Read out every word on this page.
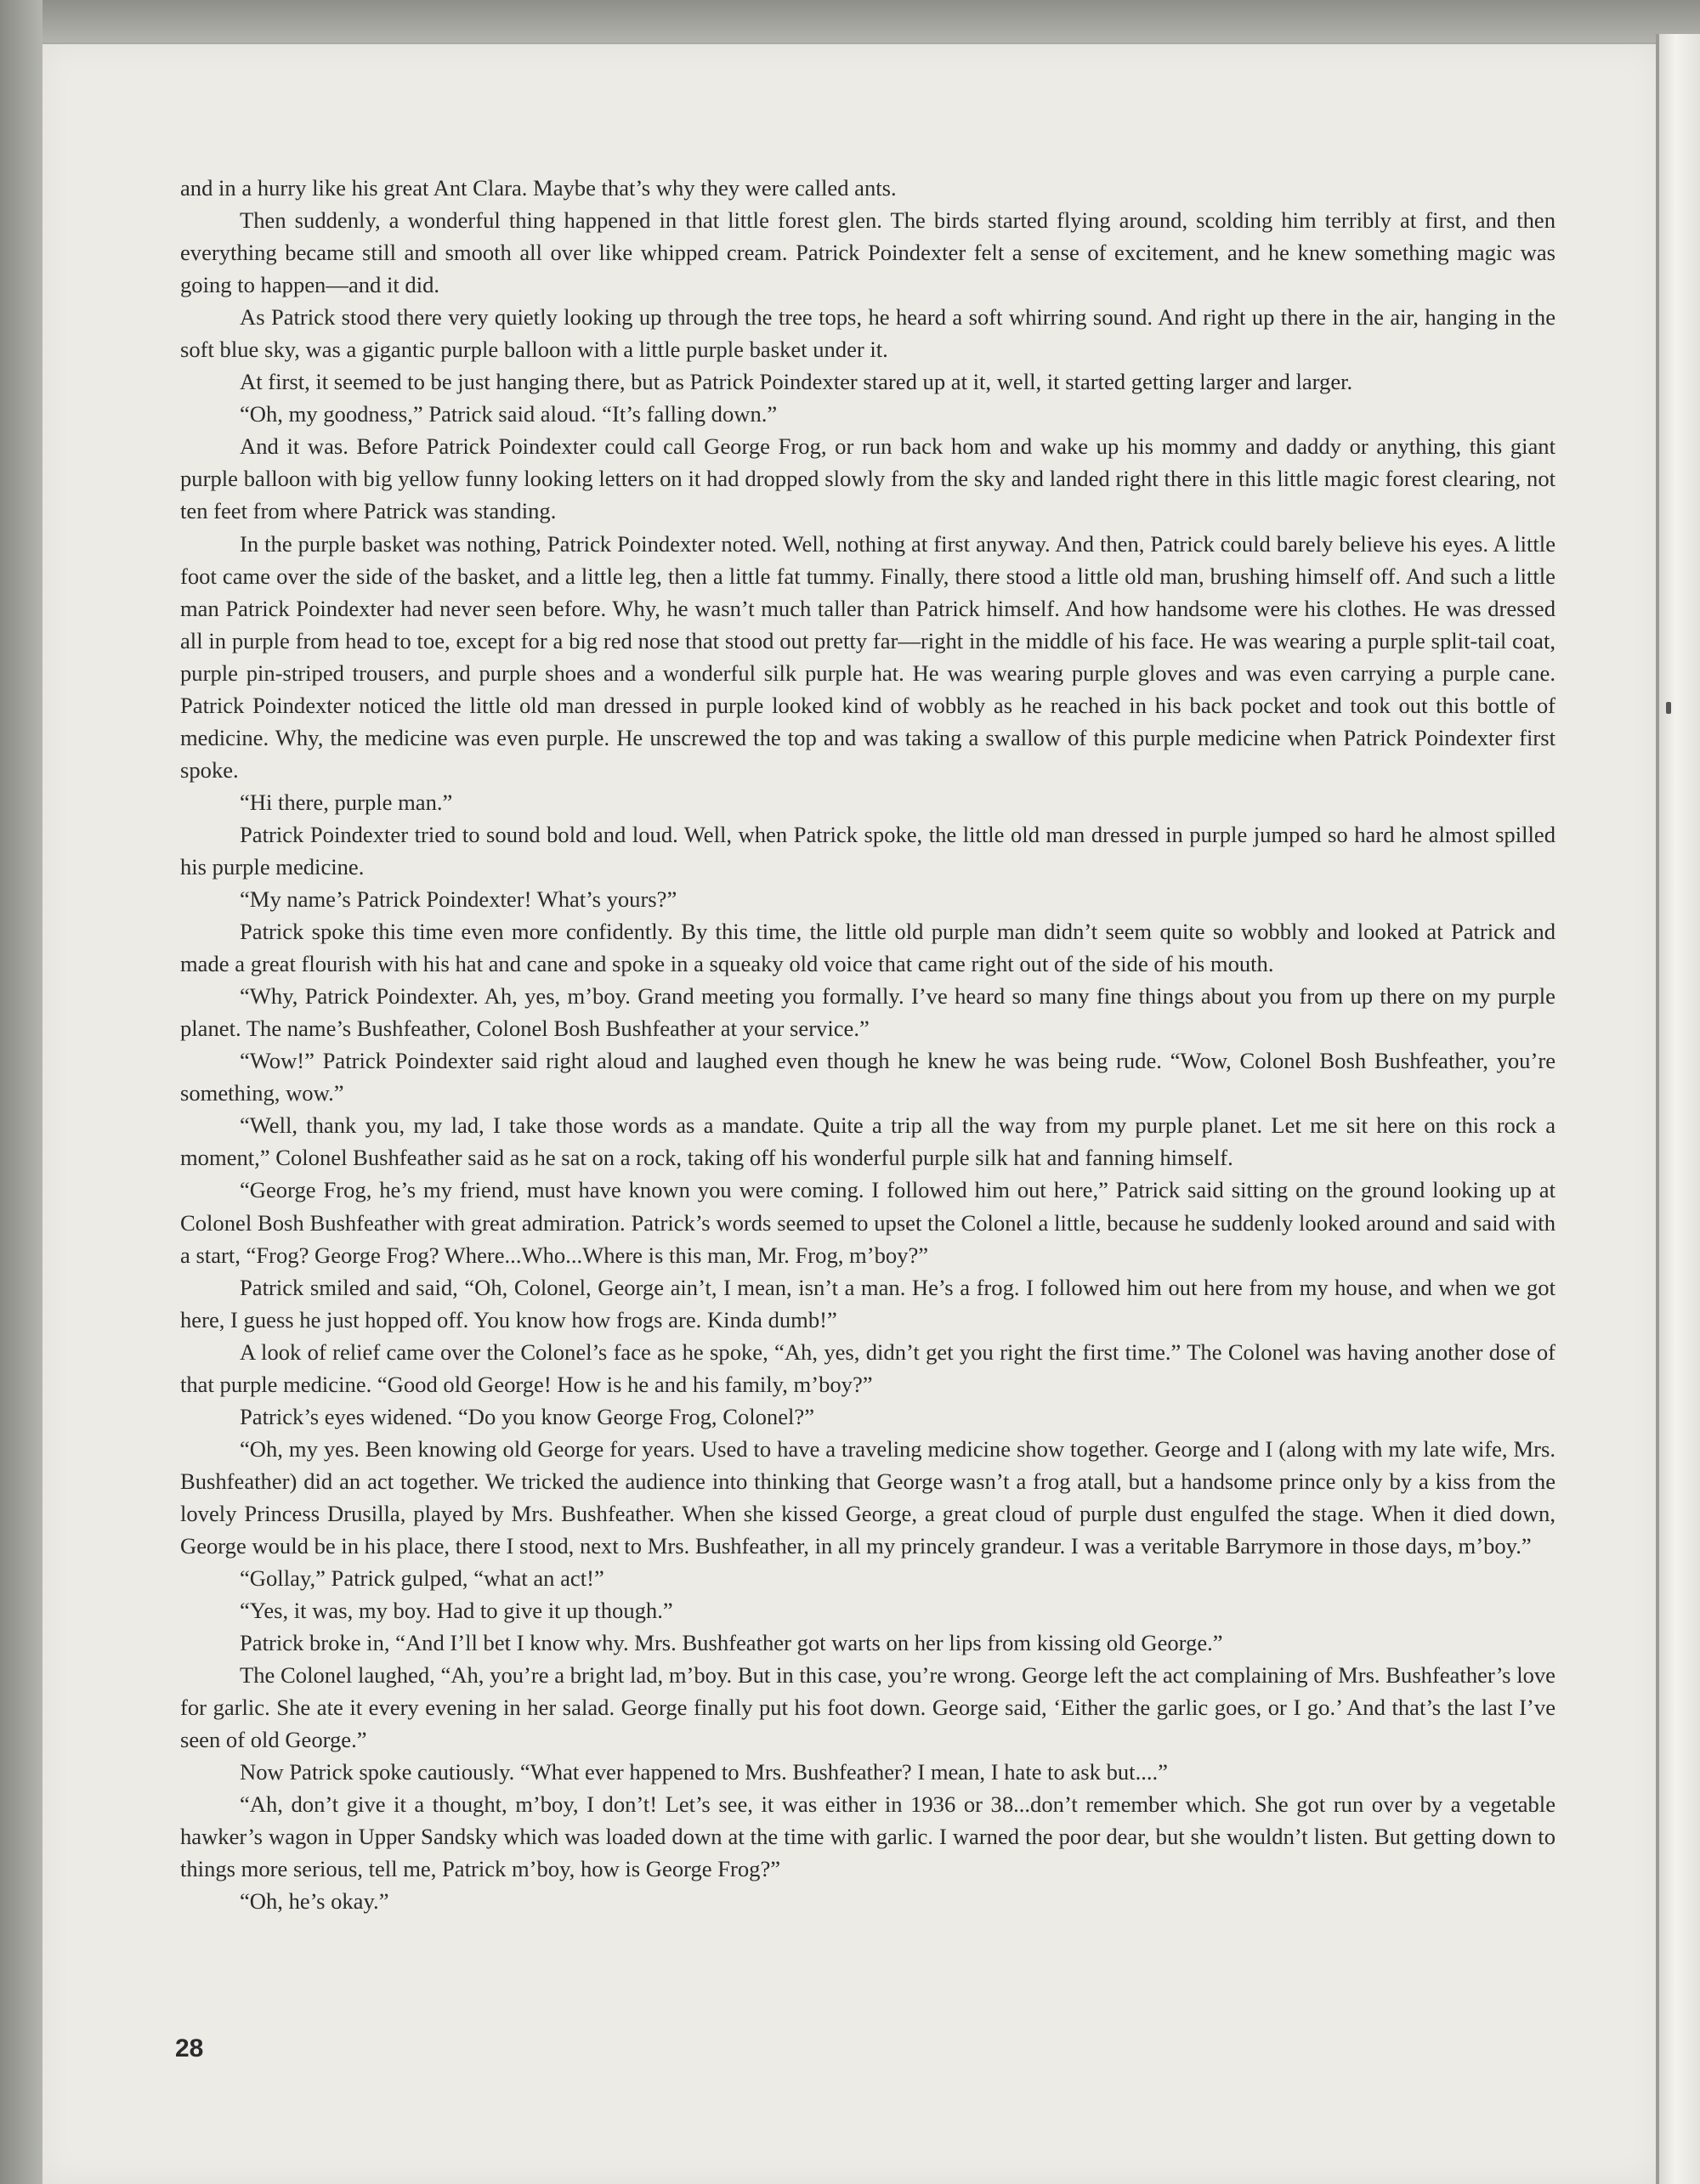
and in a hurry like his great Ant Clara. Maybe that’s why they were called ants.

Then suddenly, a wonderful thing happened in that little forest glen. The birds started flying around, scolding him terribly at first, and then everything became still and smooth all over like whipped cream. Patrick Poindexter felt a sense of excitement, and he knew something magic was going to happen—and it did.

As Patrick stood there very quietly looking up through the tree tops, he heard a soft whirring sound. And right up there in the air, hanging in the soft blue sky, was a gigantic purple balloon with a little purple basket under it.

At first, it seemed to be just hanging there, but as Patrick Poindexter stared up at it, well, it started getting larger and larger.

“Oh, my goodness,” Patrick said aloud. “It’s falling down.”

And it was. Before Patrick Poindexter could call George Frog, or run back hom and wake up his mommy and daddy or anything, this giant purple balloon with big yellow funny looking letters on it had dropped slowly from the sky and landed right there in this little magic forest clearing, not ten feet from where Patrick was standing.

In the purple basket was nothing, Patrick Poindexter noted. Well, nothing at first anyway. And then, Patrick could barely believe his eyes. A little foot came over the side of the basket, and a little leg, then a little fat tummy. Finally, there stood a little old man, brushing himself off. And such a little man Patrick Poindexter had never seen before. Why, he wasn’t much taller than Patrick himself. And how handsome were his clothes. He was dressed all in purple from head to toe, except for a big red nose that stood out pretty far—right in the middle of his face. He was wearing a purple split-tail coat, purple pin-striped trousers, and purple shoes and a wonderful silk purple hat. He was wearing purple gloves and was even carrying a purple cane. Patrick Poindexter noticed the little old man dressed in purple looked kind of wobbly as he reached in his back pocket and took out this bottle of medicine. Why, the medicine was even purple. He unscrewed the top and was taking a swallow of this purple medicine when Patrick Poindexter first spoke.

“Hi there, purple man.”

Patrick Poindexter tried to sound bold and loud. Well, when Patrick spoke, the little old man dressed in purple jumped so hard he almost spilled his purple medicine.

“My name’s Patrick Poindexter! What’s yours?”

Patrick spoke this time even more confidently. By this time, the little old purple man didn’t seem quite so wobbly and looked at Patrick and made a great flourish with his hat and cane and spoke in a squeaky old voice that came right out of the side of his mouth.

“Why, Patrick Poindexter. Ah, yes, m’boy. Grand meeting you formally. I’ve heard so many fine things about you from up there on my purple planet. The name’s Bushfeather, Colonel Bosh Bushfeather at your service.”

“Wow!” Patrick Poindexter said right aloud and laughed even though he knew he was being rude. “Wow, Colonel Bosh Bushfeather, you’re something, wow.”

“Well, thank you, my lad, I take those words as a mandate. Quite a trip all the way from my purple planet. Let me sit here on this rock a moment,” Colonel Bushfeather said as he sat on a rock, taking off his wonderful purple silk hat and fanning himself.

“George Frog, he’s my friend, must have known you were coming. I followed him out here,” Patrick said sitting on the ground looking up at Colonel Bosh Bushfeather with great admiration. Patrick’s words seemed to upset the Colonel a little, because he suddenly looked around and said with a start, “Frog? George Frog? Where...Who...Where is this man, Mr. Frog, m’boy?”

Patrick smiled and said, “Oh, Colonel, George ain’t, I mean, isn’t a man. He’s a frog. I followed him out here from my house, and when we got here, I guess he just hopped off. You know how frogs are. Kinda dumb!”

A look of relief came over the Colonel’s face as he spoke, “Ah, yes, didn’t get you right the first time.” The Colonel was having another dose of that purple medicine. “Good old George! How is he and his family, m’boy?”

Patrick’s eyes widened. “Do you know George Frog, Colonel?”

“Oh, my yes. Been knowing old George for years. Used to have a traveling medicine show together. George and I (along with my late wife, Mrs. Bushfeather) did an act together. We tricked the audience into thinking that George wasn’t a frog atall, but a handsome prince only by a kiss from the lovely Princess Drusilla, played by Mrs. Bushfeather. When she kissed George, a great cloud of purple dust engulfed the stage. When it died down, George would be in his place, there I stood, next to Mrs. Bushfeather, in all my princely grandeur. I was a veritable Barrymore in those days, m’boy.”

“Gollay,” Patrick gulped, “what an act!”

“Yes, it was, my boy. Had to give it up though.”

Patrick broke in, “And I’ll bet I know why. Mrs. Bushfeather got warts on her lips from kissing old George.”

The Colonel laughed, “Ah, you’re a bright lad, m’boy. But in this case, you’re wrong. George left the act complaining of Mrs. Bushfeather’s love for garlic. She ate it every evening in her salad. George finally put his foot down. George said, ‘Either the garlic goes, or I go.’ And that’s the last I’ve seen of old George.”

Now Patrick spoke cautiously. “What ever happened to Mrs. Bushfeather? I mean, I hate to ask but....”

“Ah, don’t give it a thought, m’boy, I don’t! Let’s see, it was either in 1936 or 38...don’t remember which. She got run over by a vegetable hawker’s wagon in Upper Sandsky which was loaded down at the time with garlic. I warned the poor dear, but she wouldn’t listen. But getting down to things more serious, tell me, Patrick m’boy, how is George Frog?”

“Oh, he’s okay.”

28
